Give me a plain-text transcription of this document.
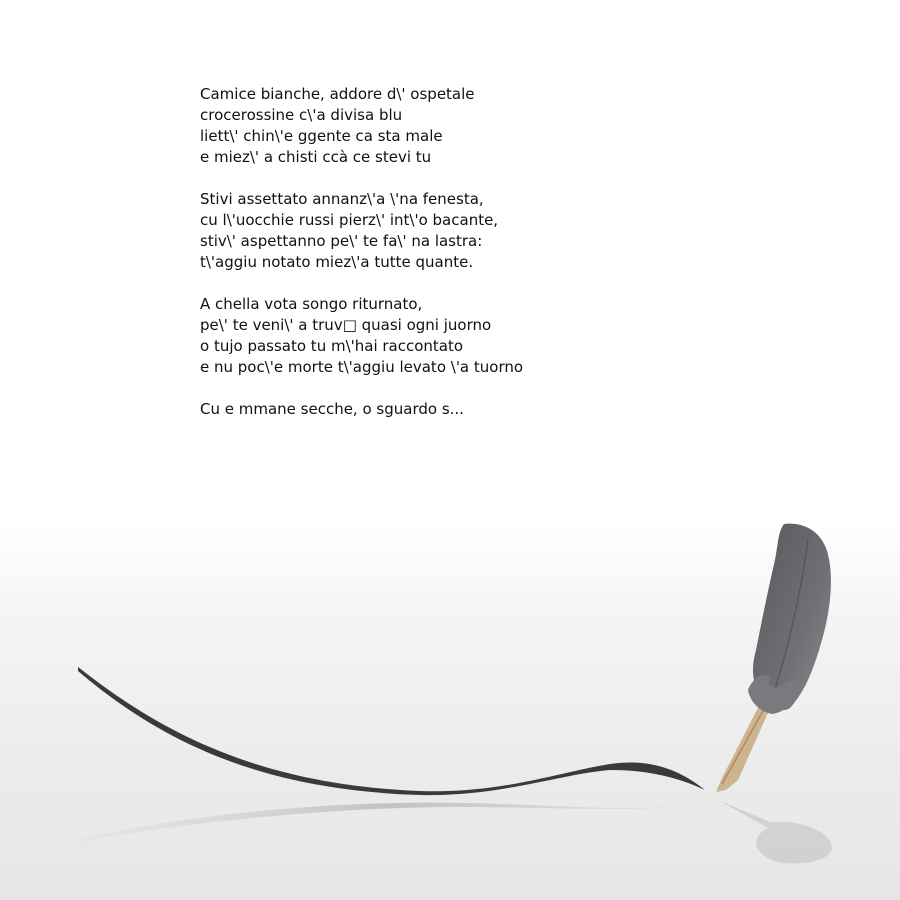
Camice bianche, addore d\' ospetale
crocerossine c\'a divisa blu
liett\' chin\'e ggente ca sta male
e miez\' a chisti ccà ce stevi tu
Stivi assettato annanz\'a \'na fenesta,
cu l\'uocchie russi pierz\' int\'o bacante,
stiv\' aspettanno pe\' te fa\' na lastra:
t\'aggiu notato miez\'a tutte quante.
A chella vota songo riturnato,
pe\' te veni\' a truv□ quasi ogni juorno
o tujo passato tu m\'hai raccontato
e nu poc\'e morte t\'aggiu levato \'a tuorno
Cu e mmane secche, o sguardo s...
